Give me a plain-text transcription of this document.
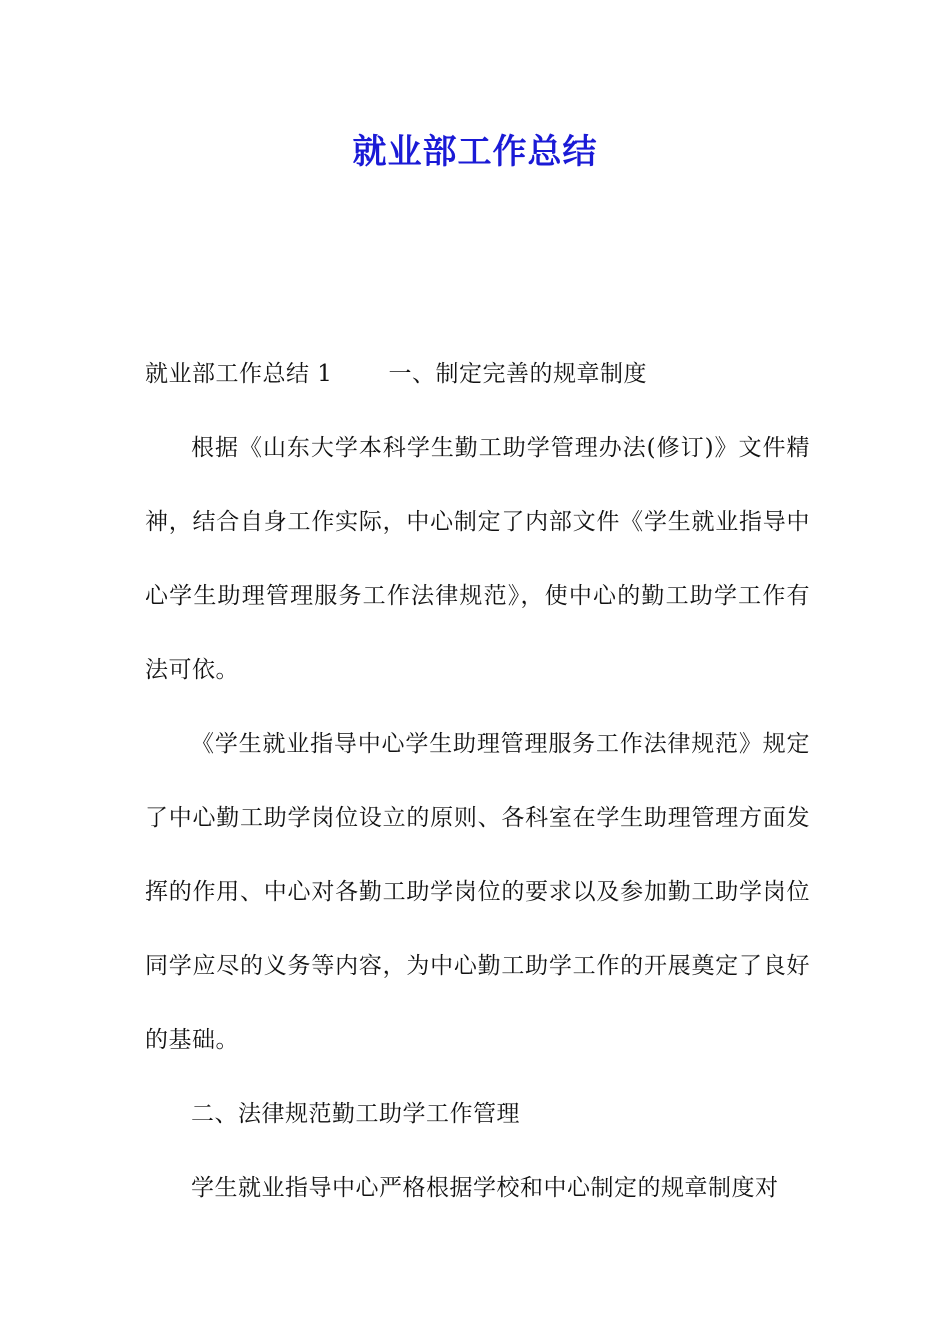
就业部工作总结

就业部工作总结 1 一、制定完善的规章制度

根据《山东大学本科学生勤工助学管理办法(修订)》文件精神，结合自身工作实际，中心制定了内部文件《学生就业指导中心学生助理管理服务工作法律规范》，使中心的勤工助学工作有法可依。

《学生就业指导中心学生助理管理服务工作法律规范》规定了中心勤工助学岗位设立的原则、各科室在学生助理管理方面发挥的作用、中心对各勤工助学岗位的要求以及参加勤工助学岗位同学应尽的义务等内容，为中心勤工助学工作的开展奠定了良好的基础。

二、法律规范勤工助学工作管理

学生就业指导中心严格根据学校和中心制定的规章制度对
